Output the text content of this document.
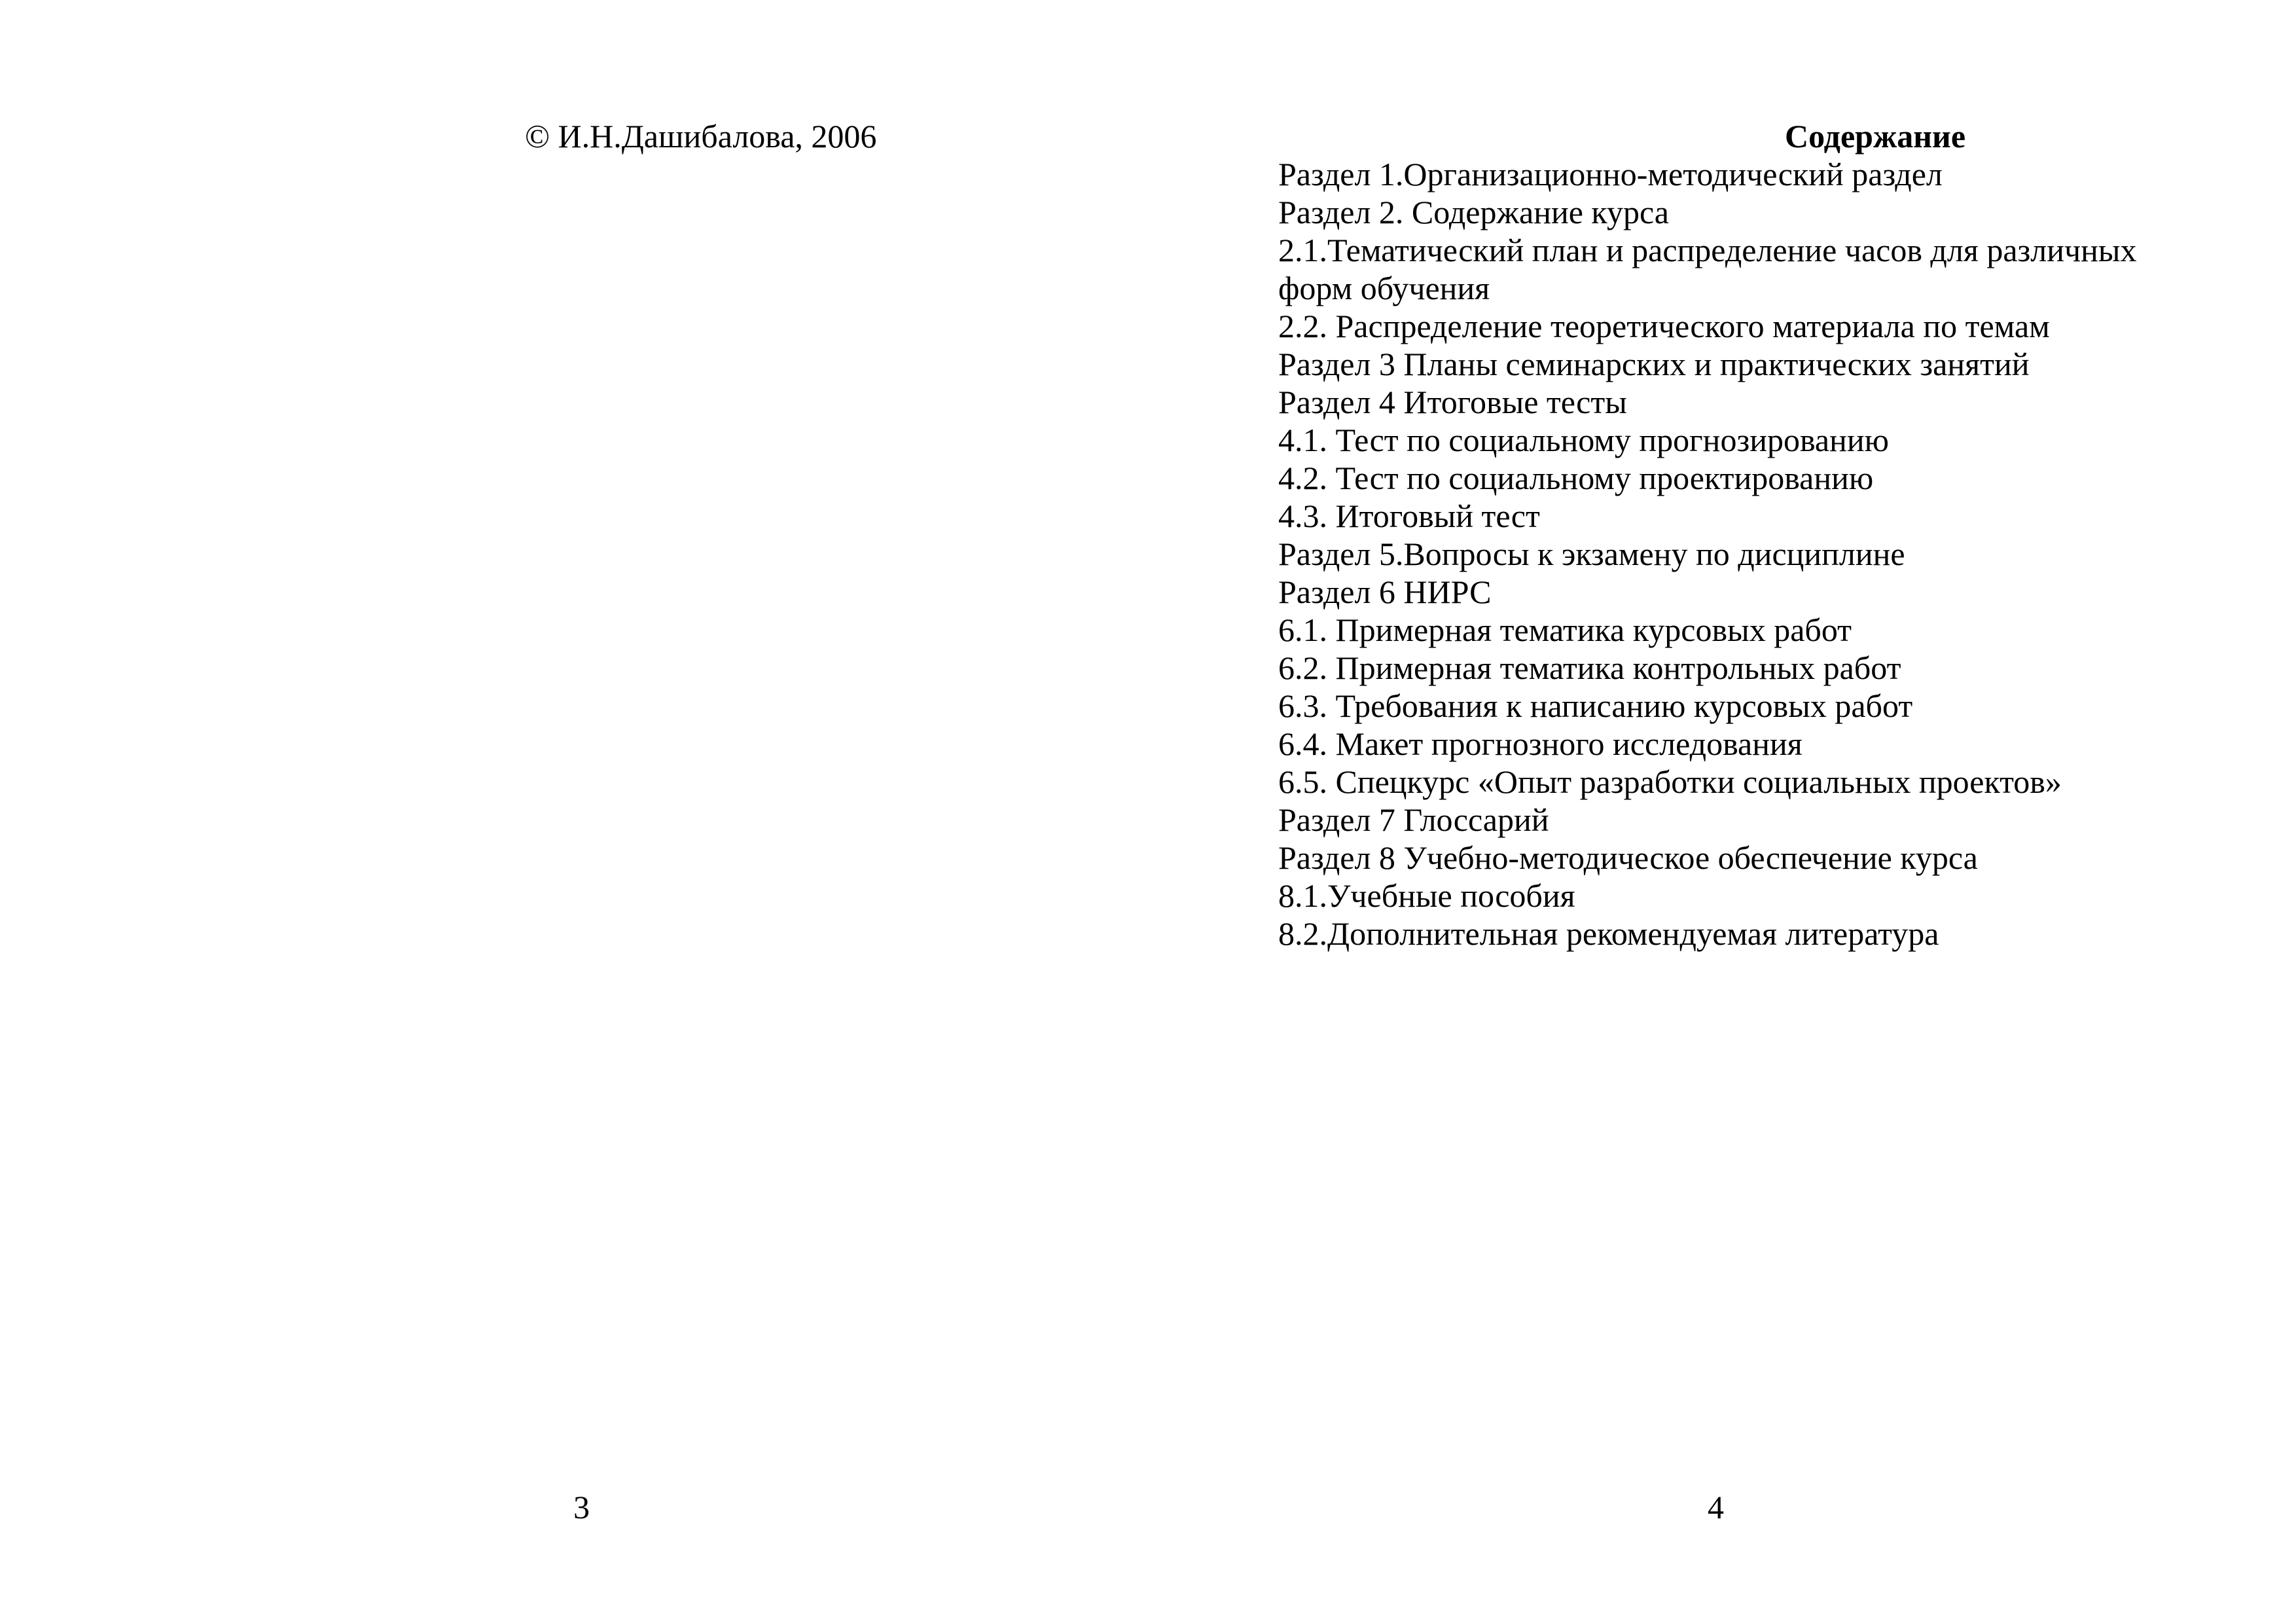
© И.Н.Дашибалова, 2006
3
Содержание
Раздел 1.Организационно-методический раздел
Раздел 2. Содержание курса
2.1.Тематический план и распределение часов для различных
форм обучения
2.2. Распределение теоретического материала по темам
Раздел 3 Планы семинарских и практических занятий
Раздел 4 Итоговые тесты
4.1. Тест по социальному прогнозированию
4.2. Тест по социальному проектированию
4.3. Итоговый тест
Раздел 5.Вопросы к экзамену по дисциплине
Раздел 6 НИРС
6.1. Примерная тематика курсовых работ
6.2. Примерная тематика контрольных работ
6.3. Требования к написанию курсовых работ
6.4. Макет прогнозного исследования
6.5. Спецкурс «Опыт разработки социальных проектов»
Раздел 7 Глоссарий
Раздел 8 Учебно-методическое обеспечение курса
8.1.Учебные пособия
8.2.Дополнительная рекомендуемая литература
4
